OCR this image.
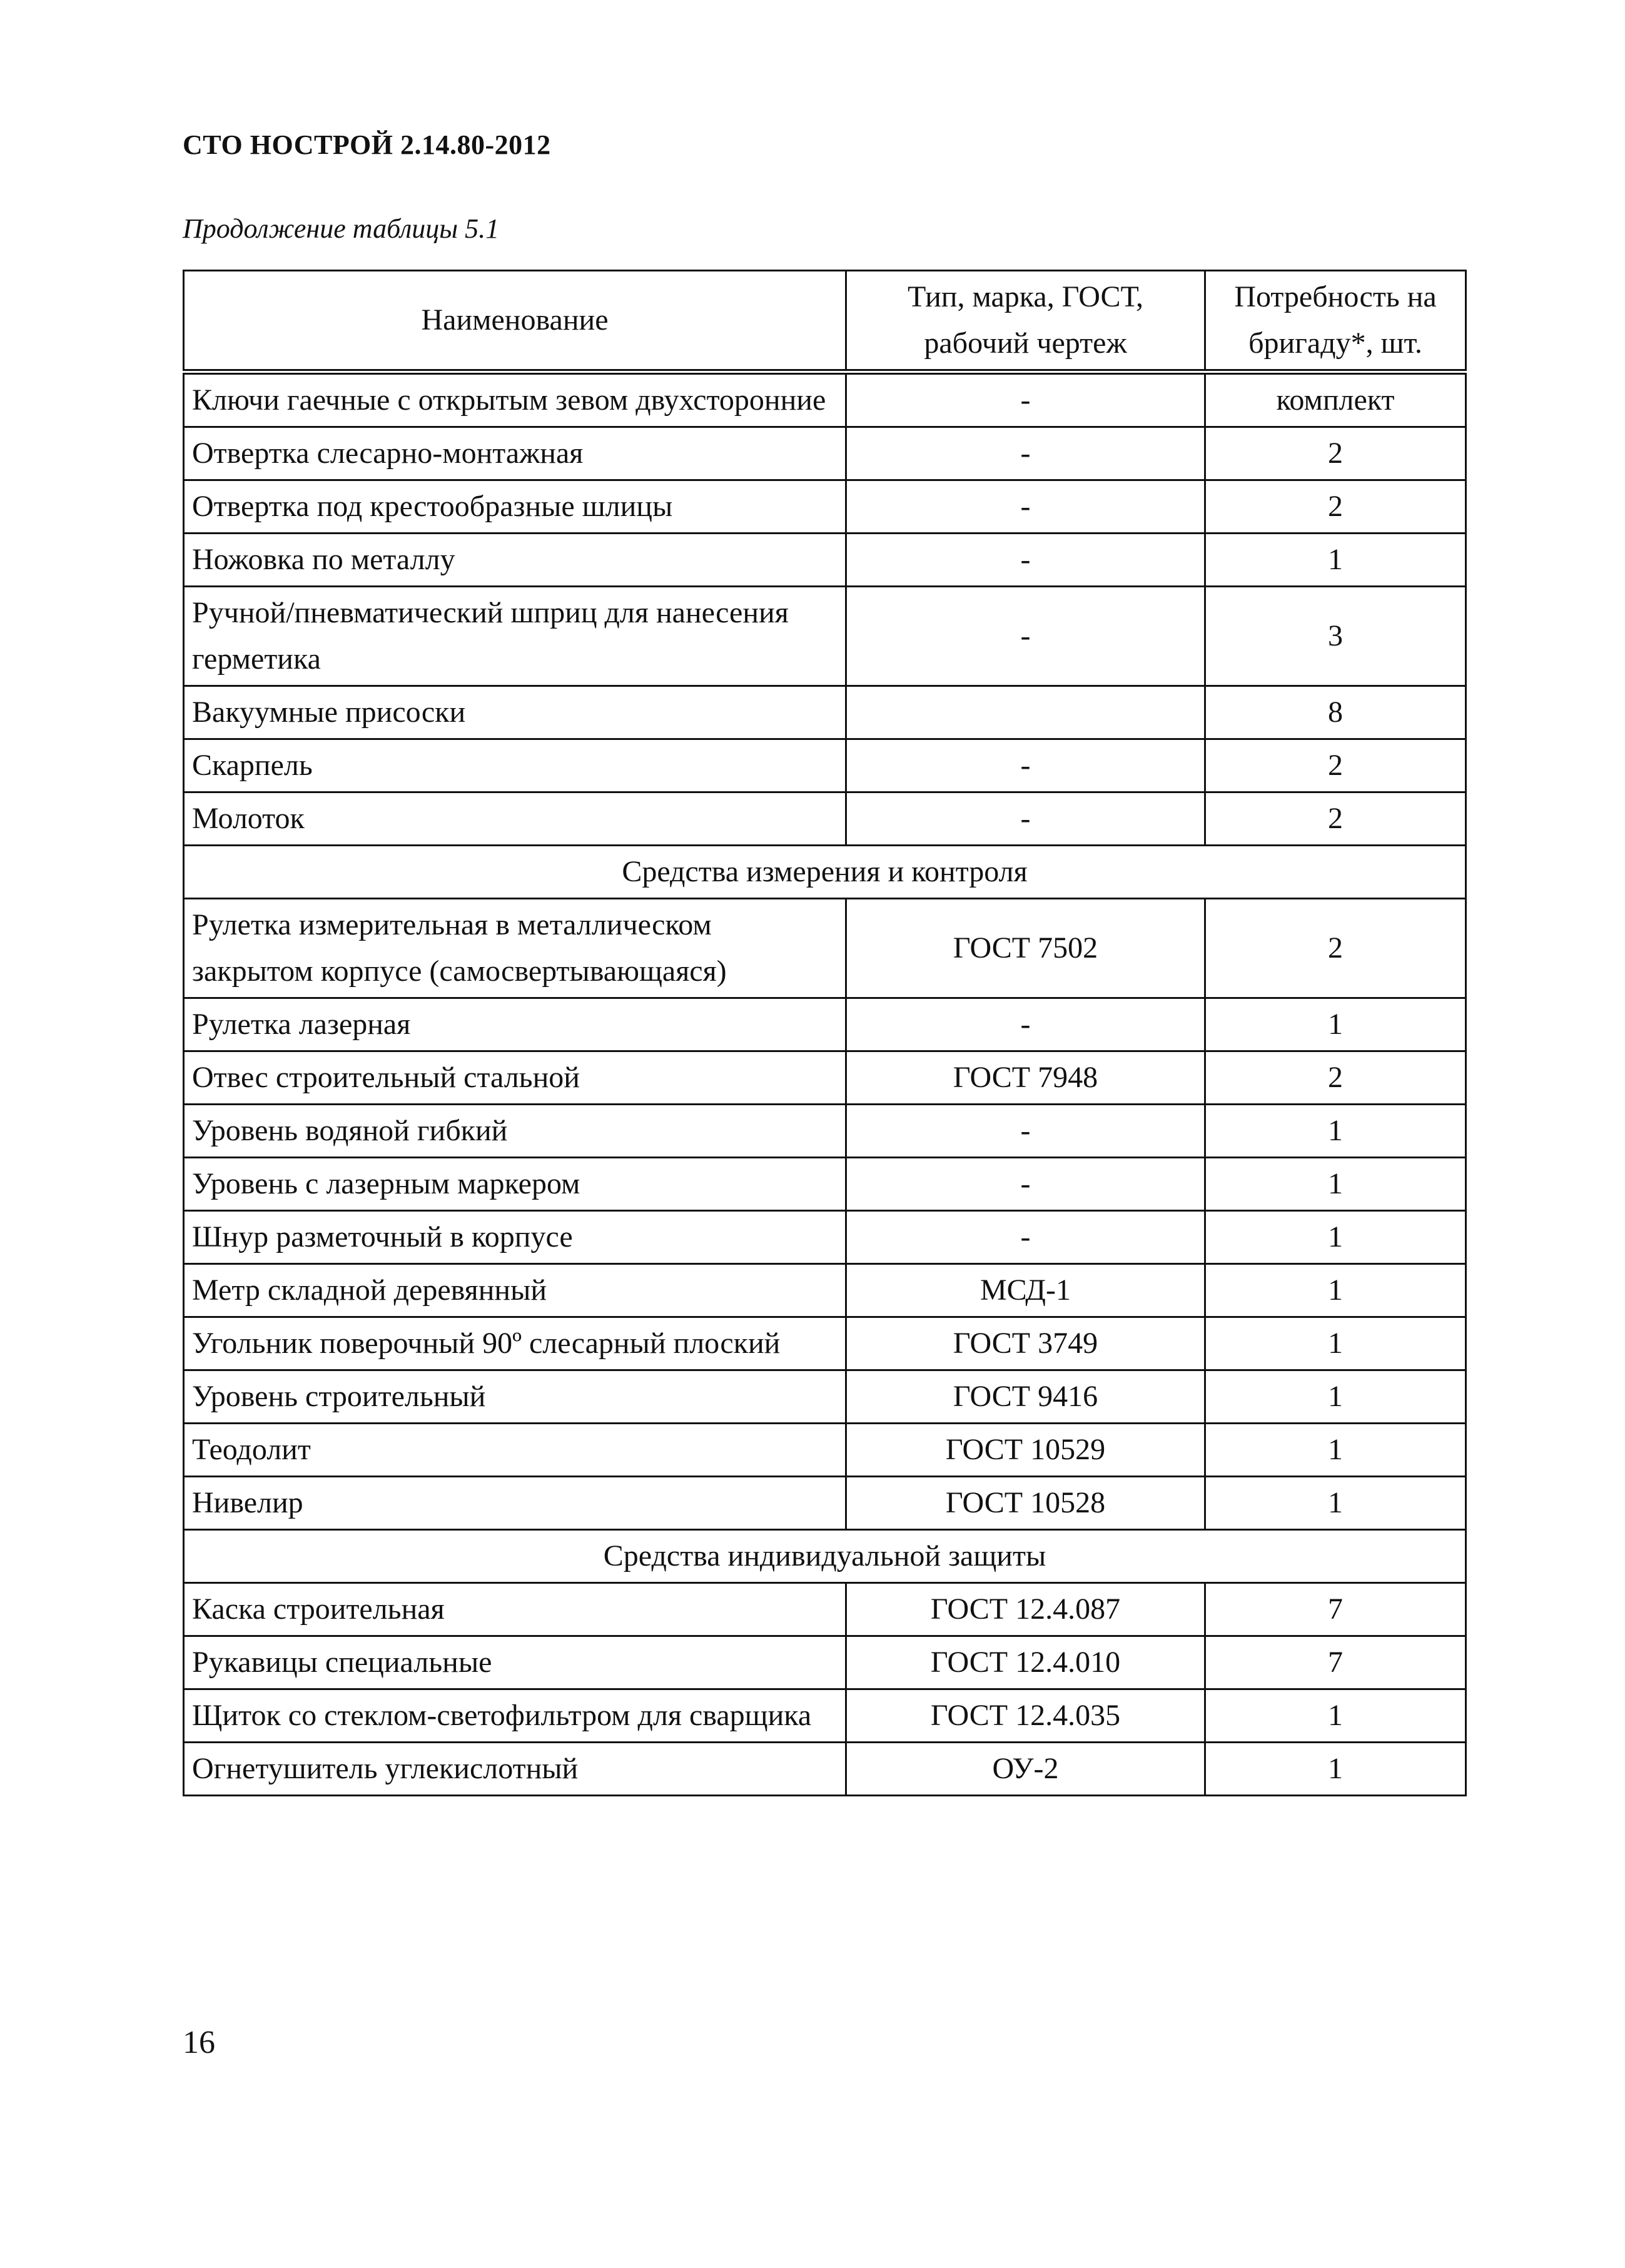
СТО НОСТРОЙ 2.14.80-2012
Продолжение таблицы 5.1
Наименование	Тип, марка, ГОСТ, рабочий чертеж	Потребность на бригаду*, шт.
Ключи гаечные с открытым зевом двухсторонние	-	комплект
Отвертка слесарно-монтажная	-	2
Отвертка под крестообразные шлицы	-	2
Ножовка по металлу	-	1
Ручной/пневматический шприц для нанесения герметика	-	3
Вакуумные присоски		8
Скарпель	-	2
Молоток	-	2
Средства измерения и контроля		
Рулетка измерительная в металлическом закрытом корпусе (самосвертывающаяся)	ГОСТ 7502	2
Рулетка лазерная	-	1
Отвес строительный стальной	ГОСТ 7948	2
Уровень водяной гибкий	-	1
Уровень с лазерным маркером	-	1
Шнур разметочный в корпусе	-	1
Метр складной деревянный	МСД-1	1
Угольник поверочный 90º слесарный плоский	ГОСТ 3749	1
Уровень строительный	ГОСТ 9416	1
Теодолит	ГОСТ 10529	1
Нивелир	ГОСТ 10528	1
Средства индивидуальной защиты		
Каска строительная	ГОСТ 12.4.087	7
Рукавицы специальные	ГОСТ 12.4.010	7
Щиток со стеклом-светофильтром для сварщика	ГОСТ 12.4.035	1
Огнетушитель углекислотный	ОУ-2	1
16
